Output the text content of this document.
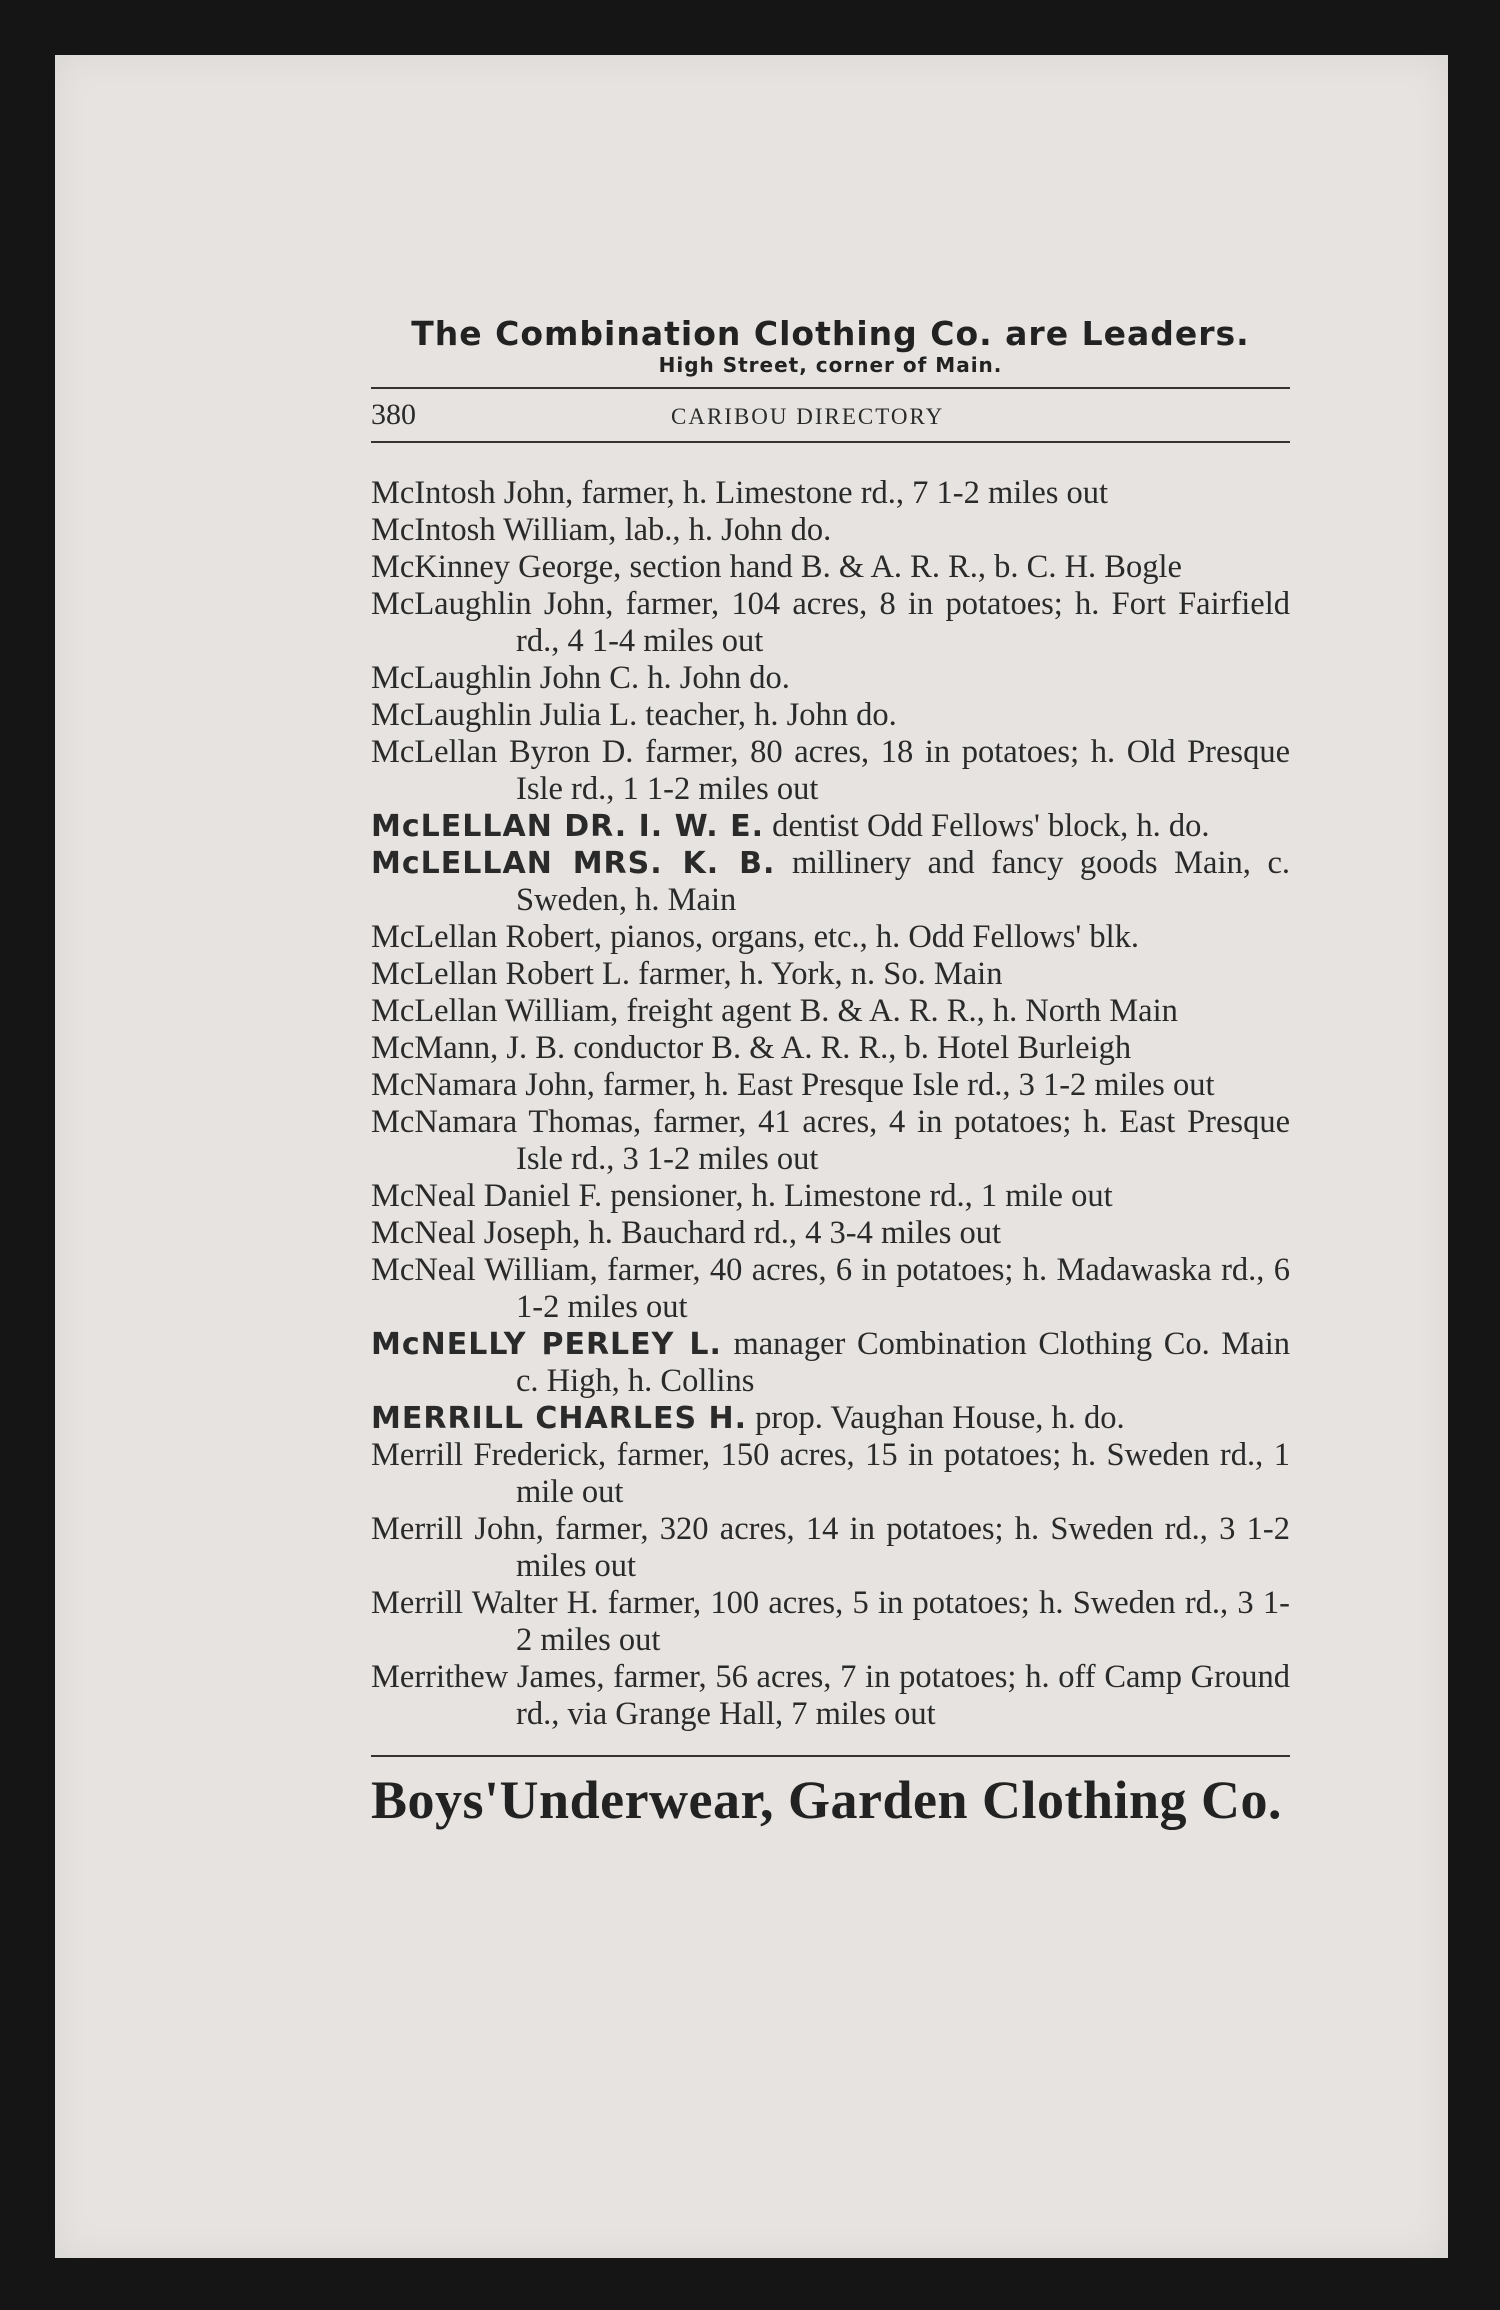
The Combination Clothing Co. are Leaders.
High Street, corner of Main.
380	CARIBOU DIRECTORY
McIntosh John, farmer, h. Limestone rd., 7 1-2 miles out
McIntosh William, lab., h. John do.
McKinney George, section hand B. & A. R. R., b. C. H. Bogle
McLaughlin John, farmer, 104 acres, 8 in potatoes; h. Fort Fairfield rd., 4 1-4 miles out
McLaughlin John C. h. John do.
McLaughlin Julia L. teacher, h. John do.
McLellan Byron D. farmer, 80 acres, 18 in potatoes; h. Old Presque Isle rd., 1 1-2 miles out
McLELLAN DR. I. W. E. dentist Odd Fellows' block, h. do.
McLELLAN MRS. K. B. millinery and fancy goods Main, c. Sweden, h. Main
McLellan Robert, pianos, organs, etc., h. Odd Fellows' blk.
McLellan Robert L. farmer, h. York, n. So. Main
McLellan William, freight agent B. & A. R. R., h. North Main
McMann, J. B. conductor B. & A. R. R., b. Hotel Burleigh
McNamara John, farmer, h. East Presque Isle rd., 3 1-2 miles out
McNamara Thomas, farmer, 41 acres, 4 in potatoes; h. East Presque Isle rd., 3 1-2 miles out
McNeal Daniel F. pensioner, h. Limestone rd., 1 mile out
McNeal Joseph, h. Bauchard rd., 4 3-4 miles out
McNeal William, farmer, 40 acres, 6 in potatoes; h. Madawaska rd., 6 1-2 miles out
McNELLY PERLEY L. manager Combination Clothing Co. Main c. High, h. Collins
MERRILL CHARLES H. prop. Vaughan House, h. do.
Merrill Frederick, farmer, 150 acres, 15 in potatoes; h. Sweden rd., 1 mile out
Merrill John, farmer, 320 acres, 14 in potatoes; h. Sweden rd., 3 1-2 miles out
Merrill Walter H. farmer, 100 acres, 5 in potatoes; h. Sweden rd., 3 1-2 miles out
Merrithew James, farmer, 56 acres, 7 in potatoes; h. off Camp Ground rd., via Grange Hall, 7 miles out
Boys'Underwear, Garden Clothing Co.
